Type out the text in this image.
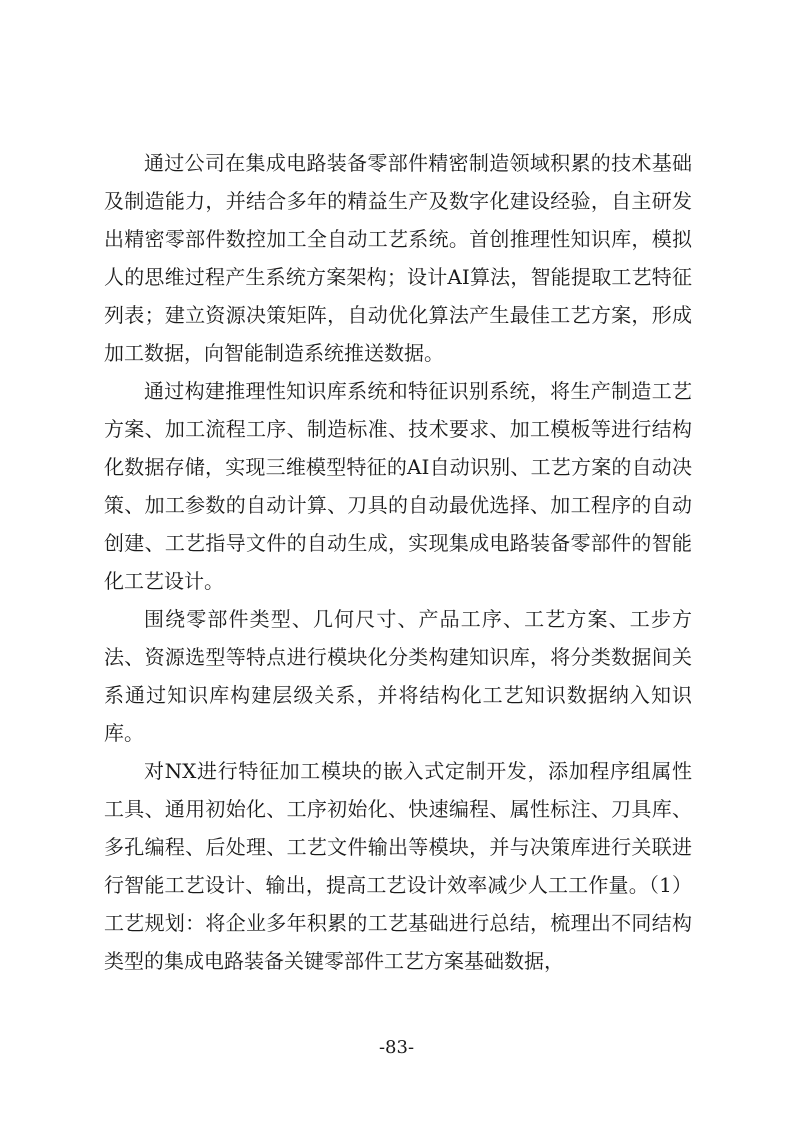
通过公司在集成电路装备零部件精密制造领域积累的技术基础及制造能力，并结合多年的精益生产及数字化建设经验，自主研发出精密零部件数控加工全自动工艺系统。首创推理性知识库，模拟人的思维过程产生系统方案架构；设计AI算法，智能提取工艺特征列表；建立资源决策矩阵，自动优化算法产生最佳工艺方案，形成加工数据，向智能制造系统推送数据。

通过构建推理性知识库系统和特征识别系统，将生产制造工艺方案、加工流程工序、制造标准、技术要求、加工模板等进行结构化数据存储，实现三维模型特征的AI自动识别、工艺方案的自动决策、加工参数的自动计算、刀具的自动最优选择、加工程序的自动创建、工艺指导文件的自动生成，实现集成电路装备零部件的智能化工艺设计。

围绕零部件类型、几何尺寸、产品工序、工艺方案、工步方法、资源选型等特点进行模块化分类构建知识库，将分类数据间关系通过知识库构建层级关系，并将结构化工艺知识数据纳入知识库。

对NX进行特征加工模块的嵌入式定制开发，添加程序组属性工具、通用初始化、工序初始化、快速编程、属性标注、刀具库、多孔编程、后处理、工艺文件输出等模块，并与决策库进行关联进行智能工艺设计、输出，提高工艺设计效率减少人工工作量。（1）工艺规划：将企业多年积累的工艺基础进行总结，梳理出不同结构类型的集成电路装备关键零部件工艺方案基础数据，

-83-
